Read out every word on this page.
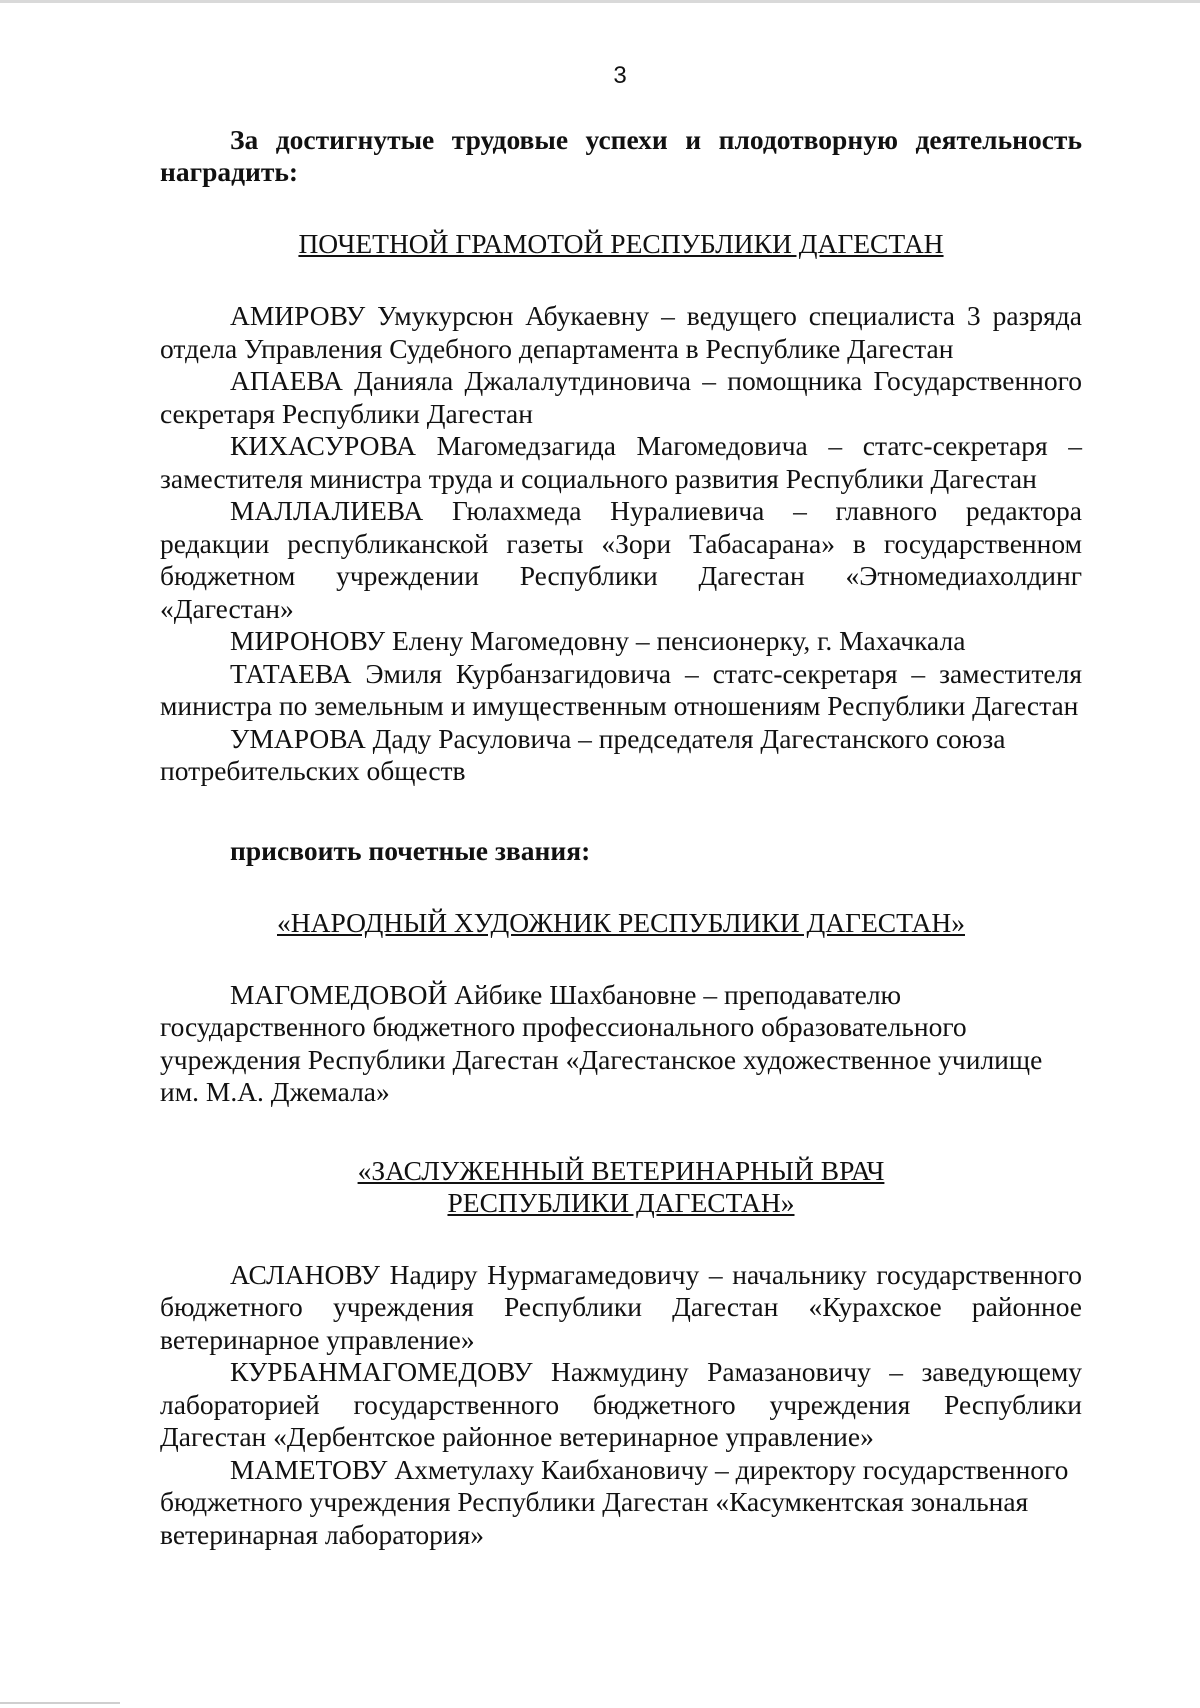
3

За достигнутые трудовые успехи и плодотворную деятельность наградить:

ПОЧЕТНОЙ ГРАМОТОЙ РЕСПУБЛИКИ ДАГЕСТАН

АМИРОВУ Умукурсюн Абукаевну – ведущего специалиста 3 разряда отдела Управления Судебного департамента в Республике Дагестан

АПАЕВА Данияла Джалалутдиновича – помощника Государственного секретаря Республики Дагестан

КИХАСУРОВА Магомедзагида Магомедовича – статс-секретаря – заместителя министра труда и социального развития Республики Дагестан

МАЛЛАЛИЕВА Гюлахмеда Нуралиевича – главного редактора редакции республиканской газеты «Зори Табасарана» в государственном бюджетном учреждении Республики Дагестан «Этномедиахолдинг «Дагестан»

МИРОНОВУ Елену Магомедовну – пенсионерку, г. Махачкала

ТАТАЕВА Эмиля Курбанзагидовича – статс-секретаря – заместителя министра по земельным и имущественным отношениям Республики Дагестан

УМАРОВА Даду Расуловича – председателя Дагестанского союза потребительских обществ

присвоить почетные звания:

«НАРОДНЫЙ ХУДОЖНИК РЕСПУБЛИКИ ДАГЕСТАН»

МАГОМЕДОВОЙ Айбике Шахбановне – преподавателю государственного бюджетного профессионального образовательного учреждения Республики Дагестан «Дагестанское художественное училище им. М.А. Джемала»

«ЗАСЛУЖЕННЫЙ ВЕТЕРИНАРНЫЙ ВРАЧ

РЕСПУБЛИКИ ДАГЕСТАН»

АСЛАНОВУ Надиру Нурмагамедовичу – начальнику государственного бюджетного учреждения Республики Дагестан «Курахское районное ветеринарное управление»

КУРБАНМАГОМЕДОВУ Нажмудину Рамазановичу – заведующему лабораторией государственного бюджетного учреждения Республики Дагестан «Дербентское районное ветеринарное управление»

МАМЕТОВУ Ахметулаху Каибхановичу – директору государственного бюджетного учреждения Республики Дагестан «Касумкентская зональная ветеринарная лаборатория»
